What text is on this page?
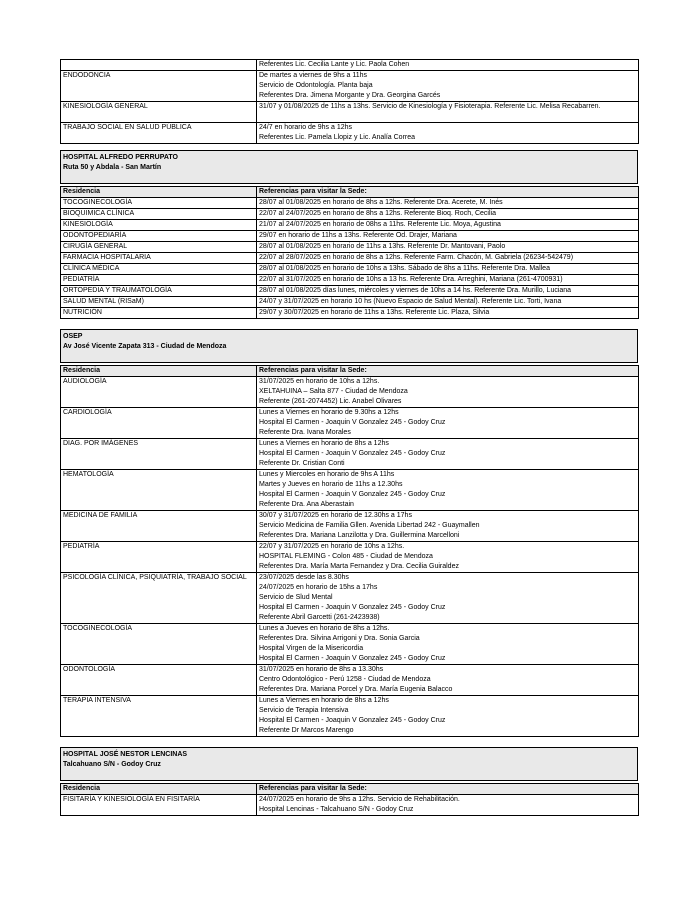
	Referentes Lic. Cecilia Lante y Lic. Paola Cohen

ENDODONCIA	De martes a viernes de 9hs a 11hs
Servicio de Odontología. Planta baja
Referentes Dra. Jimena Morgante y Dra. Georgina Garcés

KINESIOLOGÍA GENERAL	31/07 y 01/08/2025 de 11hs a 13hs. Servicio de Kinesiología y Fisioterapia. Referente Lic. Melisa Recabarren.

TRABAJO SOCIAL EN SALUD PÚBLICA	24/7 en horario de 9hs a 12hs
Referentes Lic. Pamela Llopiz y Lic. Analía Correa
HOSPITAL ALFREDO PERRUPATO
Ruta 50 y Abdala - San Martín
Residencia	Referencias para visitar la Sede:
TOCOGINECOLOGÍA	28/07 al 01/08/2025 en horario de 8hs a 12hs. Referente Dra. Acerete, M. Inés

BIOQUIMICA CLÍNICA	22/07 al 24/07/2025 en horario de 8hs a 12hs. Referente Bioq. Roch, Cecilia

KINESIOLOGÍA	21/07 al 24/07/2025 en horario de 08hs a 11hs. Referente Lic. Moya, Agustina

ODONTOPEDIARÍA	29/07 en horario de 11hs a 13hs. Referente Od. Drajer, Mariana

CIRUGÍA GENERAL	28/07 al 01/08/2025 en horario de 11hs a 13hs. Referente Dr. Mantovani, Paolo

FARMACIA HOSPITALARIA	22/07 al 28/07/2025 en horario de 8hs a 12hs. Referente Farm. Chacón, M. Gabriela (26234-542479)

CLÍNICA MÉDICA	28/07 al 01/08/2025 en horario de 10hs a 13hs. Sábado de 8hs a 11hs. Referente Dra. Mallea

PEDIATRÍA	22/07 al 31/07/2025 en horario de 10hs a 13 hs. Referente Dra. Arreghini, Mariana (261-4700931)

ORTOPEDIA Y TRAUMATOLOGÍA	28/07 al 01/08/2025 días lunes, miércoles y viernes de 10hs a 14 hs. Referente Dra. Murillo, Luciana

SALUD MENTAL (RISaM)	24/07 y 31/07/2025 en horario 10 hs (Nuevo Espacio de Salud Mental). Referente Lic. Torti, Ivana

NUTRICIÓN	29/07 y 30/07/2025 en horario de 11hs a 13hs. Referente Lic. Plaza, Silvia
OSEP
Av José Vicente Zapata 313 - Ciudad de Mendoza
Residencia	Referencias para visitar la Sede:
AUDIOLOGÍA	31/07/2025 en horario de 10hs a 12hs.
XELTAHUINA – Salta 877 - Ciudad de Mendoza
Referente (261-2074452) Lic. Anabel Olivares

CARDIOLOGÍA	Lunes a Viernes en horario de 9.30hs a 12hs
Hospital El Carmen - Joaquin V Gonzalez 245 - Godoy Cruz
Referente Dra. Ivana Morales

DIAG. POR IMÁGENES	Lunes a Viernes en horario de 8hs a 12hs
Hospital El Carmen - Joaquin V Gonzalez 245 - Godoy Cruz
Referente Dr. Cristian Conti

HEMATOLOGÍA	Lunes y Miercoles en horario de 9hs A 11hs
Martes y Jueves en horario de 11hs a 12.30hs
Hospital El Carmen - Joaquin V Gonzalez 245 - Godoy Cruz
Referente Dra. Ana Aberastain

MEDICINA DE FAMILIA	30/07 y 31/07/2025 en horario de 12.30hs a 17hs
Servicio Medicina de Familia Gllen. Avenida Libertad 242 - Guaymallen
Referentes Dra. Mariana Lanzilotta y Dra. Guillermina Marcelloni

PEDIATRÍA	22/07 y 31/07/2025 en horario de 10hs a 12hs.
HOSPITAL FLEMING - Colon 485 - Ciudad de Mendoza
Referentes Dra. María Marta Fernandez y Dra. Cecilia Guiraldez

PSICOLOGÍA CLÍNICA, PSIQUIATRÍA, TRABAJO SOCIAL	23/07/2025 desde las 8.30hs
24/07/2025 en horario de 15hs a 17hs
Servicio de Slud Mental
Hospital El Carmen - Joaquin V Gonzalez 245 - Godoy Cruz
Referente Abril Garcetti (261-2423938)

TOCOGINECOLOGÍA	Lunes a Jueves en horario de 8hs a 12hs.
Referentes Dra. Silvina Arrigoni y Dra. Sonia Garcia
Hospital Virgen de la Misericordia
Hospital El Carmen - Joaquin V Gonzalez 245 - Godoy Cruz

ODONTOLOGÍA	31/07/2025 en horario de 8hs a 13.30hs
Centro Odontológico - Perú 1258 - Ciudad de Mendoza
Referentes Dra. Mariana Porcel y Dra. María Eugenia Balacco

TERAPIA INTENSIVA	Lunes a Viernes en horario de 8hs a 12hs
Servicio de Terapia Intensiva
Hospital El Carmen - Joaquin V Gonzalez 245 - Godoy Cruz
Referente Dr Marcos Marengo
HOSPITAL JOSÉ NESTOR LENCINAS
Talcahuano S/N - Godoy Cruz
Residencia	Referencias para visitar la Sede:
FISITARÍA Y KINESIOLOGÍA EN FISITARÍA	24/07/2025 en horario de 9hs a 12hs. Servicio de Rehabilitación.
Hospital Lencinas - Talcahuano S/N - Godoy Cruz
